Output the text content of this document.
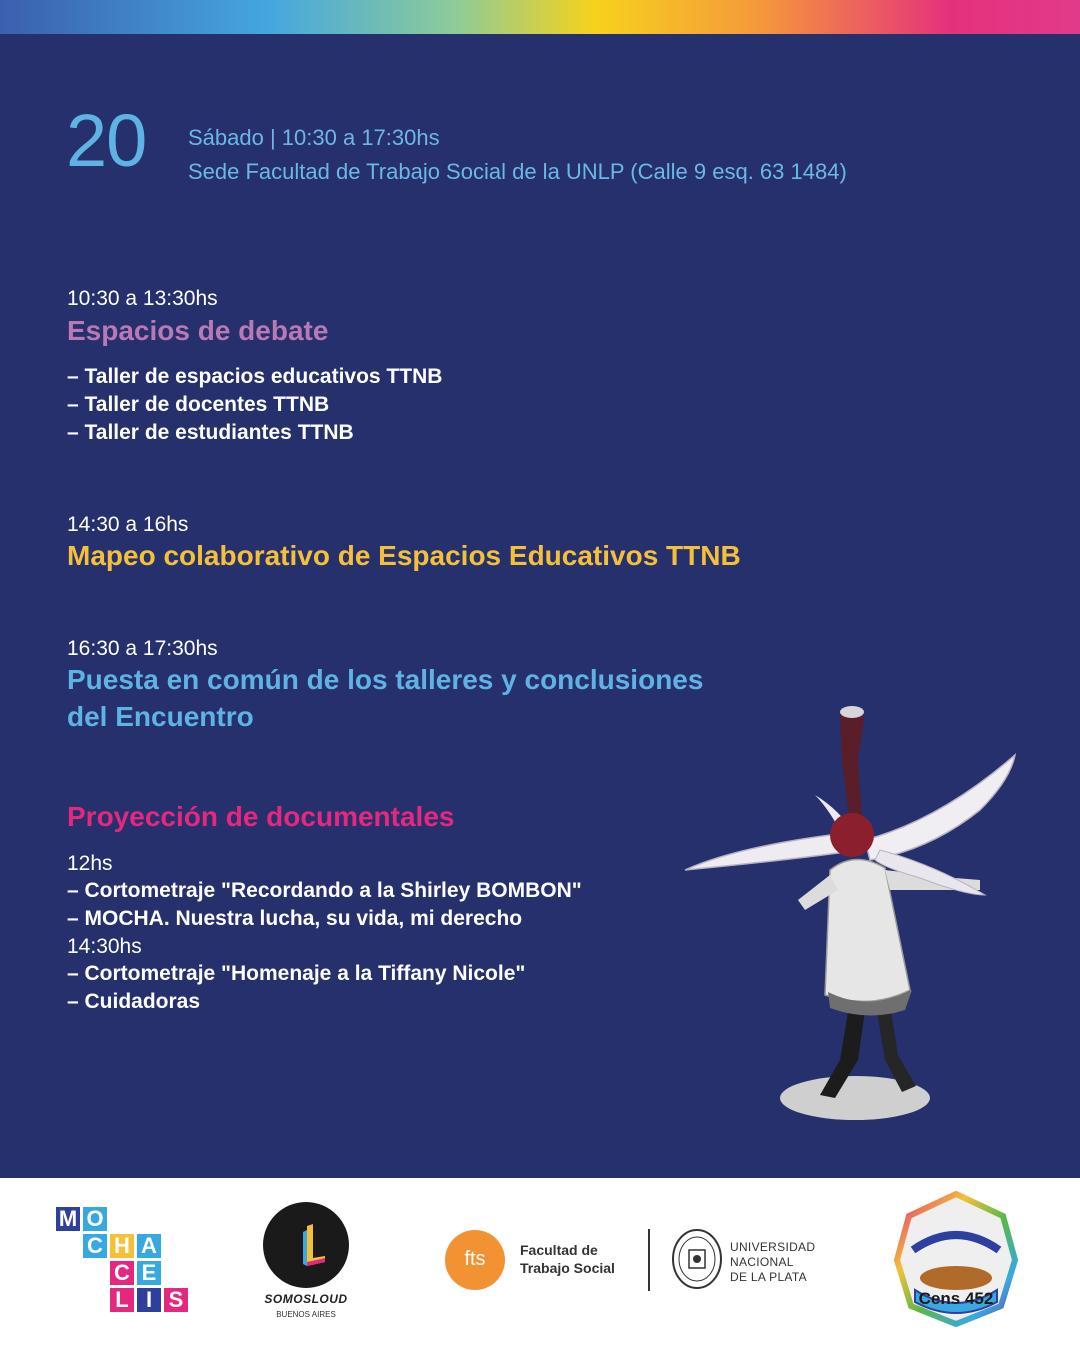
20 Sábado | 10:30 a 17:30hs
Sede Facultad de Trabajo Social de la UNLP (Calle 9 esq. 63 1484)
10:30 a 13:30hs
Espacios de debate
– Taller de espacios educativos TTNB
– Taller de docentes TTNB
– Taller de estudiantes TTNB
14:30 a 16hs
Mapeo colaborativo de Espacios Educativos TTNB
16:30 a 17:30hs
Puesta en común de los talleres y conclusiones
del Encuentro
Proyección de documentales
12hs
– Cortometraje "Recordando a la Shirley BOMBON"
– MOCHA. Nuestra lucha, su vida, mi derecho
14:30hs
– Cortometraje "Homenaje a la Tiffany Nicole"
– Cuidadoras
M O
C H A
C E
L I S	SOMOSLOUD
BUENOS AIRES
fts	Facultad de
Trabajo Social
UNIVERSIDAD
NACIONAL
DE LA PLATA
Cens 452
